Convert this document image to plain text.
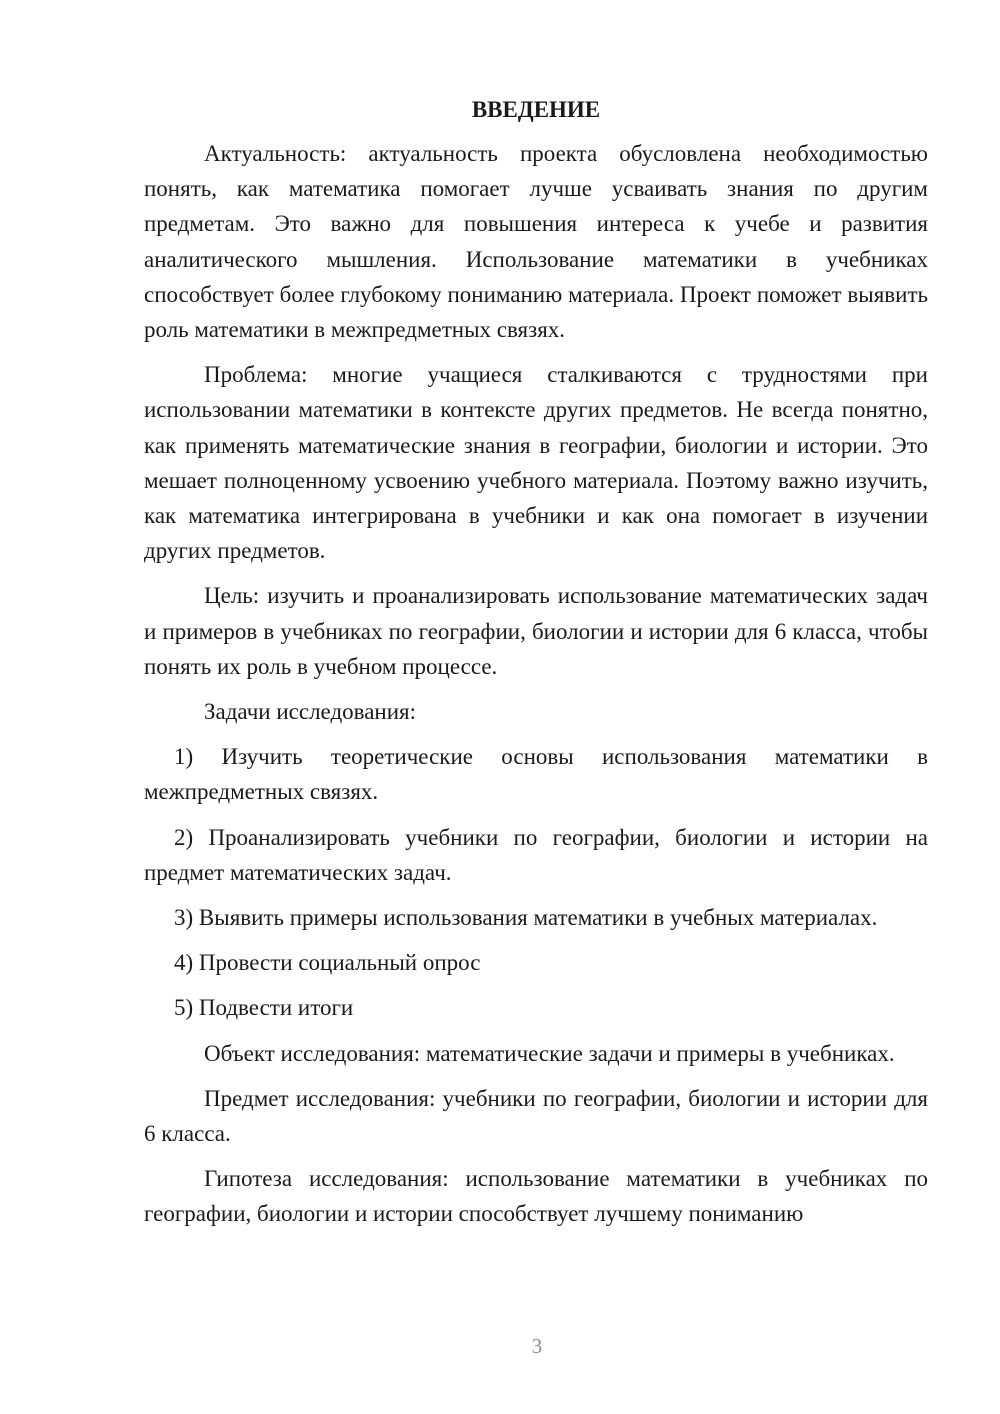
ВВЕДЕНИЕ

Актуальность: актуальность проекта обусловлена необходимостью понять, как математика помогает лучше усваивать знания по другим предметам. Это важно для повышения интереса к учебе и развития аналитического мышления. Использование математики в учебниках способствует более глубокому пониманию материала. Проект поможет выявить роль математики в межпредметных связях.

Проблема: многие учащиеся сталкиваются с трудностями при использовании математики в контексте других предметов. Не всегда понятно, как применять математические знания в географии, биологии и истории. Это мешает полноценному усвоению учебного материала. Поэтому важно изучить, как математика интегрирована в учебники и как она помогает в изучении других предметов.

Цель: изучить и проанализировать использование математических задач и примеров в учебниках по географии, биологии и истории для 6 класса, чтобы понять их роль в учебном процессе.

Задачи исследования:

1) Изучить теоретические основы использования математики в межпредметных связях.

2) Проанализировать учебники по географии, биологии и истории на предмет математических задач.

3) Выявить примеры использования математики в учебных материалах.

4) Провести социальный опрос

5) Подвести итоги

Объект исследования: математические задачи и примеры в учебниках.

Предмет исследования: учебники по географии, биологии и истории для 6 класса.

Гипотеза исследования: использование математики в учебниках по географии, биологии и истории способствует лучшему пониманию

3
